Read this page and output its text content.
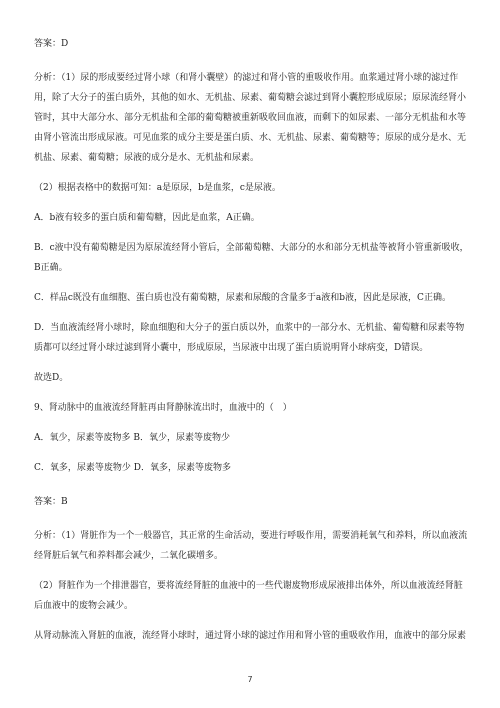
答案：D

分析：（1）尿的形成要经过肾小球（和肾小囊壁）的滤过和肾小管的重吸收作用。血浆通过肾小球的滤过作用，除了大分子的蛋白质外，其他的如水、无机盐、尿素、葡萄糖会滤过到肾小囊腔形成原尿；原尿流经肾小管时，其中大部分水、部分无机盐和全部的葡萄糖被重新吸收回血液，而剩下的如尿素、一部分无机盐和水等由肾小管流出形成尿液。可见血浆的成分主要是蛋白质、水、无机盐、尿素、葡萄糖等；原尿的成分是水、无机盐、尿素、葡萄糖；尿液的成分是水、无机盐和尿素。

（2）根据表格中的数据可知：a是原尿，b是血浆，c是尿液。

A．b液有较多的蛋白质和葡萄糖，因此是血浆，A正确。

B．c液中没有葡萄糖是因为原尿流经肾小管后，全部葡萄糖、大部分的水和部分无机盐等被肾小管重新吸收，B正确。

C．样品c既没有血细胞、蛋白质也没有葡萄糖，尿素和尿酸的含量多于a液和b液，因此是尿液，C正确。

D．当血液流经肾小球时，除血细胞和大分子的蛋白质以外，血浆中的一部分水、无机盐、葡萄糖和尿素等物质都可以经过肾小球过滤到肾小囊中，形成原尿，当尿液中出现了蛋白质说明肾小球病变，D错误。

故选D。

9、肾动脉中的血液流经肾脏再由肾静脉流出时，血液中的（　）

A．氧少，尿素等废物多 B．氧少，尿素等废物少

C．氧多，尿素等废物少 D．氧多，尿素等废物多

答案：B

分析：（1）肾脏作为一个一般器官，其正常的生命活动，要进行呼吸作用，需要消耗氧气和养料，所以血液流经肾脏后氧气和养料都会减少，二氧化碳增多。

（2）肾脏作为一个排泄器官，要将流经肾脏的血液中的一些代谢废物形成尿液排出体外，所以血液流经肾脏后血液中的废物会减少。

从肾动脉流入肾脏的血液，流经肾小球时，通过肾小球的滤过作用和肾小管的重吸收作用，血液中的部分尿素

7
